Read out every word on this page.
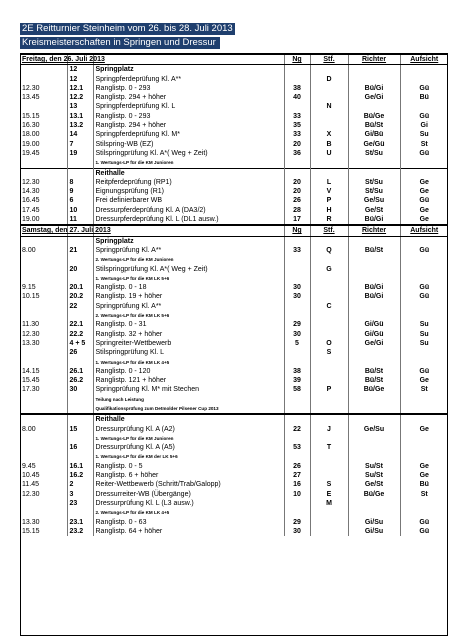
2E Reitturnier Steinheim vom 26. bis 28. Juli 2013
Kreismeisterschaften in Springen und Dressur
Freitag, den 26. Juli 2013			Ng	Stf.	Richter	Aufsicht
	12	Springplatz				
	12	Springpferdeprüfung Kl. A**		D		
12.30	12.1	Ranglistp. 0 - 293	38		Bü/Gi	Gü
13.45	12.2	Ranglistp. 294 + höher	40		Ge/Gi	Bü
	13	Springpferdeprüfung Kl. L		N		
15.15	13.1	Ranglistp. 0 - 293	33		Bü/Ge	Gü
16.30	13.2	Ranglistp. 294 + höher	35		Bü/St	Gi
18.00	14	Springpferdeprüfung Kl. M*	33	X	Gi/Bü	Su
19.00	7	Stilspring-WB (EZ)	20	B	Ge/Gü	St
19.45	19	Stilspringprüfung Kl. A*( Weg + Zeit)	36	U	St/Su	Gü
		1. Wertungs-LP für die KM Junioren				
		Reithalle				
12.30	8	Reitpferdeprüfung (RP1)	20	L	St/Su	Ge
14.30	9	Eignungsprüfung (R1)	20	V	St/Su	Ge
16.45	6	Frei definierbarer WB	26	P	Ge/Su	Gü
17.45	10	Dressurpferdeprüfung Kl. A (DA3/2)	28	H	Ge/St	Ge
19.00	11	Dressurpferdeprüfung Kl. L (DL1 ausw.)	17	R	Bü/Gi	Ge
Samstag, den 27. Juli 2013			Ng	Stf.	Richter	Aufsicht
		Springplatz				
8.00	21	Springprüfung Kl. A**	33	Q	Bü/St	Gü
		2. Wertungs-LP für die KM Junioren				
	20	Stilspringprüfung Kl. A*( Weg + Zeit)		G		
		1. Wertungs-LP für die KM LK 5+6				
9.15	20.1	Ranglistp. 0 - 18	30		Bü/Gi	Gü
10.15	20.2	Ranglistp. 19 + höher	30		Bü/Gi	Gü
	22	Springprüfung Kl. A**		C		
		2. Wertungs-LP für die KM LK 5+6				
11.30	22.1	Ranglistp. 0 - 31	29		Gi/Gü	Su
12.30	22.2	Ranglistp. 32 + höher	30		Gi/Gü	Su
13.30	4 + 5	Springreiter-Wettbewerb	5	O	Ge/Gi	Su
	26	Stilspringprüfung Kl. L		S		
		1. Wertungs-LP für die KM LK 4+5				
14.15	26.1	Ranglistp. 0 - 120	38		Bü/St	Gü
15.45	26.2	Ranglistp. 121 + höher	39		Bü/St	Ge
17.30	30	Springprüfung Kl. M* mit Stechen	58	P	Bü/Ge	St
		Teilung nach Leistung				
		Qualifikationsprüfung zum Detmolder Pilsener Cup 2013				
		Reithalle				
8.00	15	Dressurprüfung Kl. A (A2)	22	J	Ge/Su	Ge
		1. Wertungs-LP für die KM Junioren				
	16	Dressurprüfung Kl. A (A5)	53	T		
		1. Wertungs-LP für die KM der LK 5+6				
9.45	16.1	Ranglistp. 0 - 5	26		Su/St	Ge
10.45	16.2	Ranglistp. 6 + höher	27		Su/St	Ge
11.45	2	Reiter-Wettbewerb (Schritt/Trab/Galopp)	16	S	Ge/St	Bü
12.30	3	Dressurreiter-WB (Übergänge)	10	E	Bü/Ge	St
	23	Dressurprüfung Kl. L (L3 ausw.)		M		
		2. Wertungs-LP für die KM LK 4+5				
13.30	23.1	Ranglistp. 0 - 63	29		Gi/Su	Gü
15.15	23.2	Ranglistp. 64 + höher	30		Gi/Su	Gü
